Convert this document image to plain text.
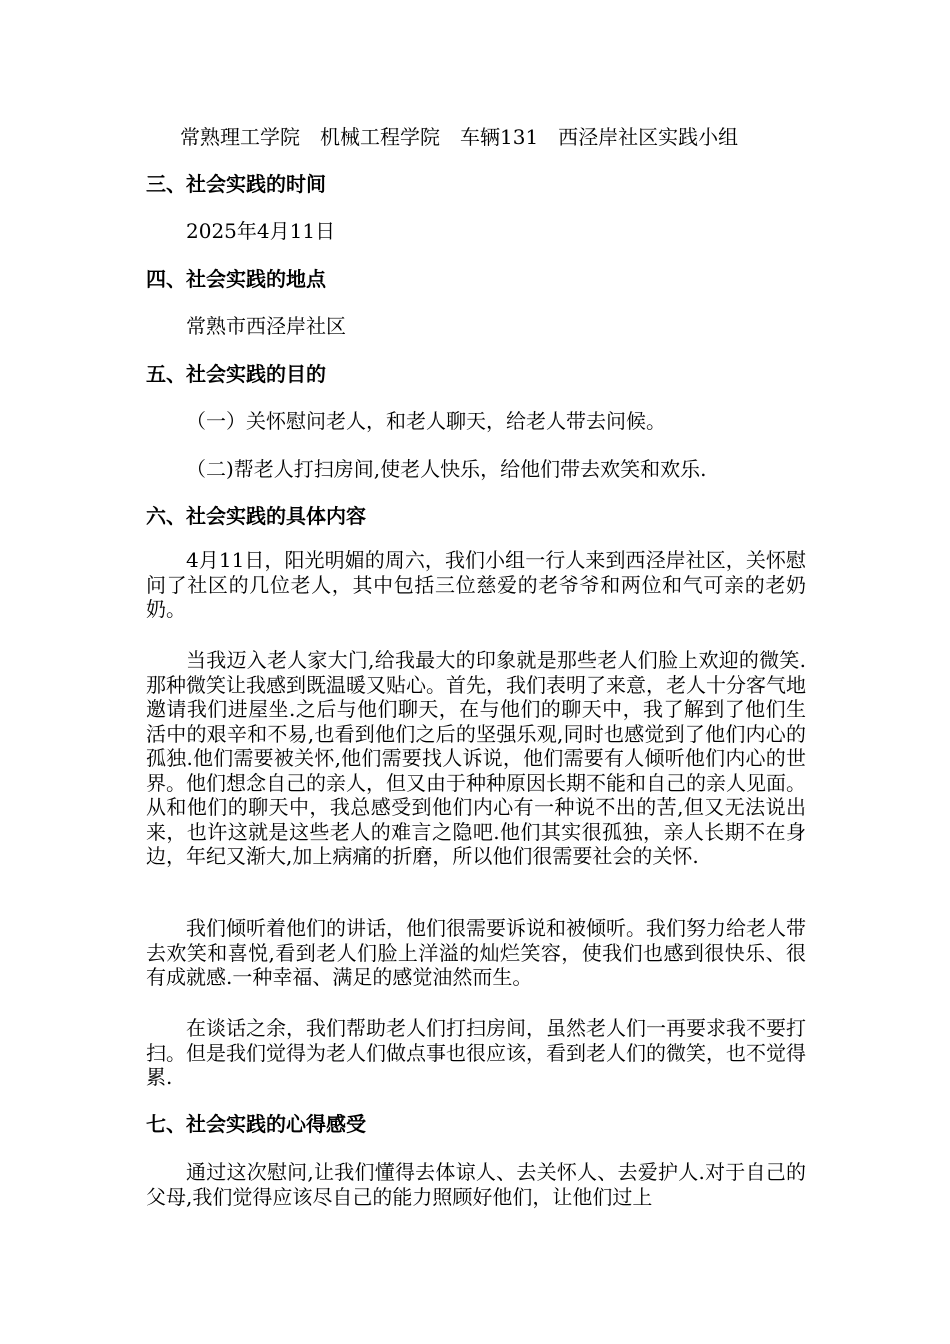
常熟理工学院　机械工程学院　车辆131　西泾岸社区实践小组
三、社会实践的时间
2025年4月11日
四、社会实践的地点
常熟市西泾岸社区
五、社会实践的目的
（一）关怀慰问老人，和老人聊天，给老人带去问候。
（二)帮老人打扫房间,使老人快乐，给他们带去欢笑和欢乐.
六、社会实践的具体内容
4月11日，阳光明媚的周六，我们小组一行人来到西泾岸社区，关怀慰问了社区的几位老人，其中包括三位慈爱的老爷爷和两位和气可亲的老奶奶。
当我迈入老人家大门,给我最大的印象就是那些老人们脸上欢迎的微笑.那种微笑让我感到既温暖又贴心。首先，我们表明了来意，老人十分客气地邀请我们进屋坐.之后与他们聊天，在与他们的聊天中，我了解到了他们生活中的艰辛和不易,也看到他们之后的坚强乐观,同时也感觉到了他们内心的孤独.他们需要被关怀,他们需要找人诉说，他们需要有人倾听他们内心的世界。他们想念自己的亲人，但又由于种种原因长期不能和自己的亲人见面。从和他们的聊天中，我总感受到他们内心有一种说不出的苦,但又无法说出来，也许这就是这些老人的难言之隐吧.他们其实很孤独，亲人长期不在身边，年纪又渐大,加上病痛的折磨，所以他们很需要社会的关怀.
我们倾听着他们的讲话，他们很需要诉说和被倾听。我们努力给老人带去欢笑和喜悦,看到老人们脸上洋溢的灿烂笑容，使我们也感到很快乐、很有成就感.一种幸福、满足的感觉油然而生。
在谈话之余，我们帮助老人们打扫房间，虽然老人们一再要求我不要打扫。但是我们觉得为老人们做点事也很应该，看到老人们的微笑，也不觉得累.
七、社会实践的心得感受
通过这次慰问,让我们懂得去体谅人、去关怀人、去爱护人.对于自己的父母,我们觉得应该尽自己的能力照顾好他们，让他们过上
